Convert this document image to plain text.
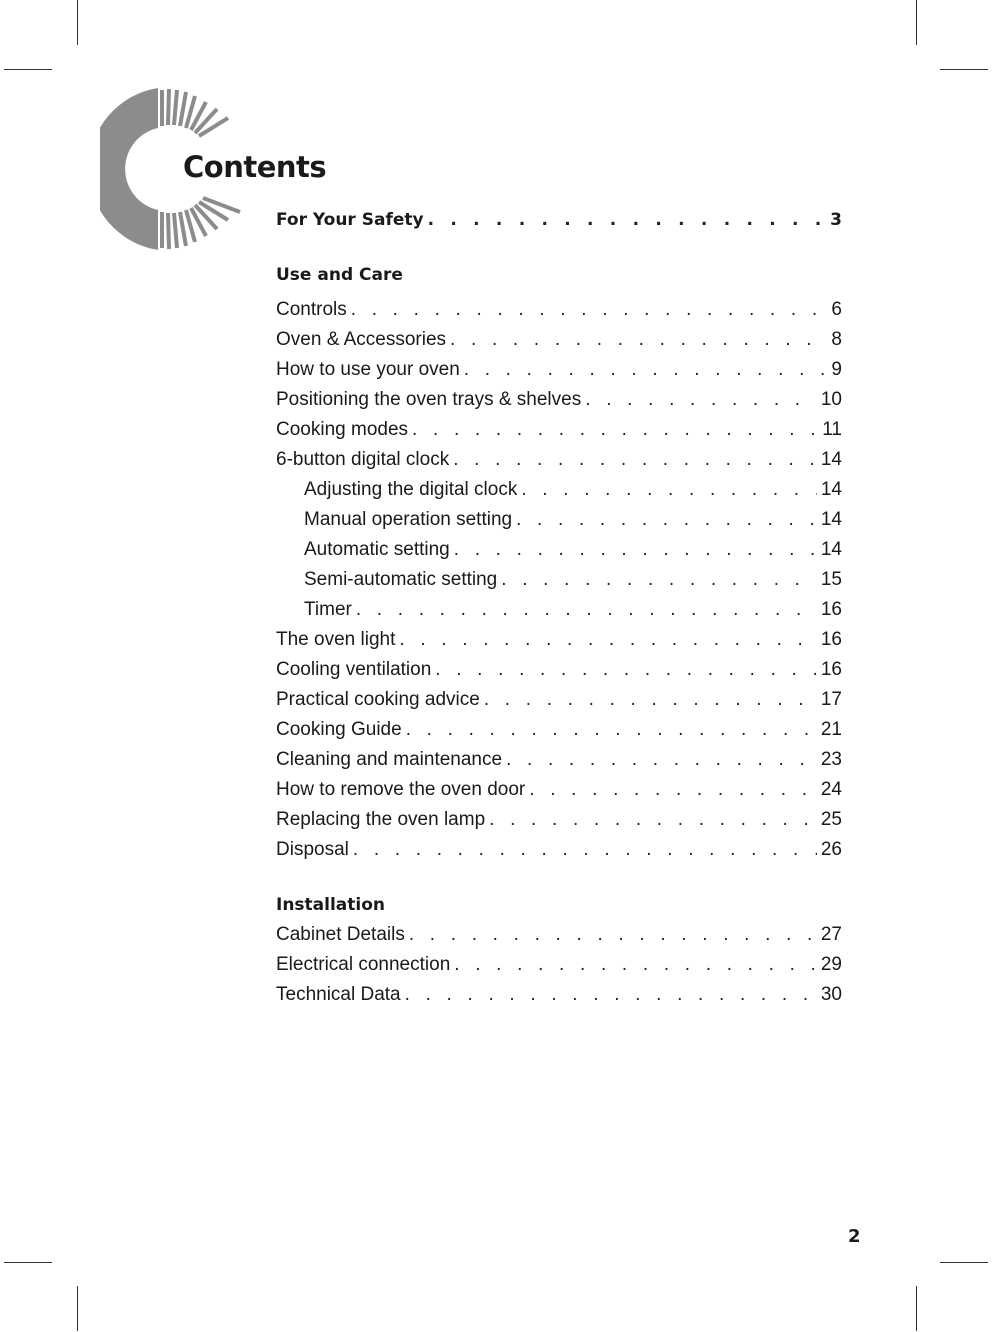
Contents
For Your Safety . . .	3
Use and Care
Controls . . .	6
Oven & Accessories . . .	8
How to use your oven . . .	9
Positioning the oven trays & shelves . . .	10
Cooking modes . . .	11
6-button digital clock . . .	14
Adjusting the digital clock . . .	14
Manual operation setting . . .	14
Automatic setting . . .	14
Semi-automatic setting . . .	15
Timer . . .	16
The oven light . . .	16
Cooling ventilation . . .	16
Practical cooking advice . . .	17
Cooking Guide . . .	21
Cleaning and maintenance . . .	23
How to remove the oven door . . .	24
Replacing the oven lamp . . .	25
Disposal . . .	26
Installation
Cabinet Details . . .	27
Electrical connection . . .	29
Technical Data . . .	30
2
